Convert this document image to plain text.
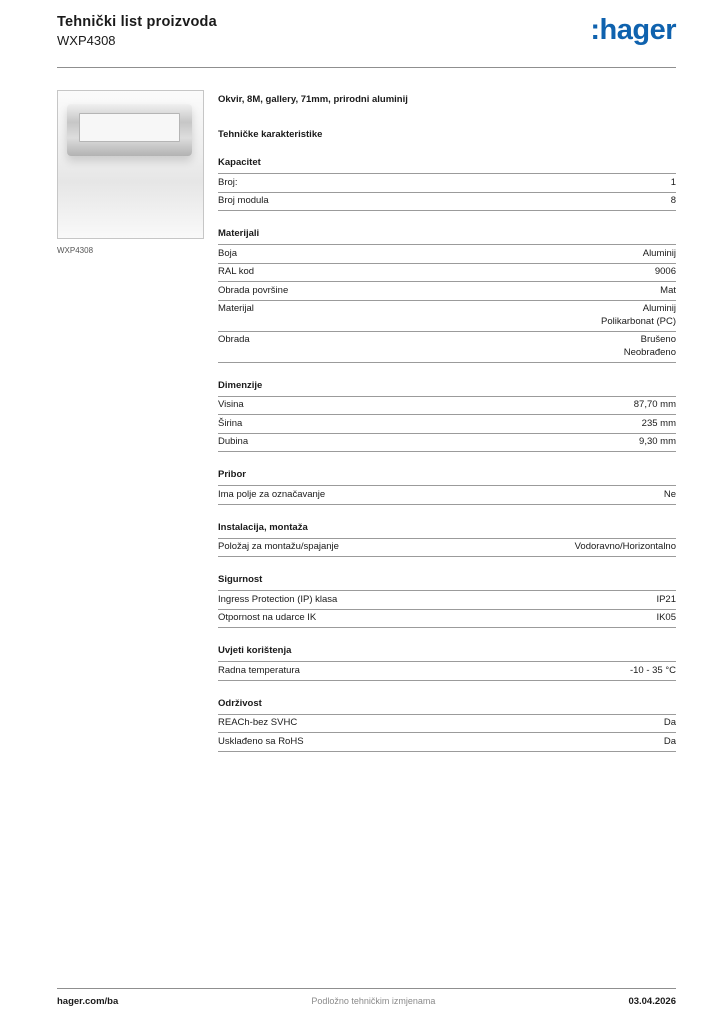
Tehnički list proizvoda
WXP4308	:hager
WXP4308
Okvir, 8M, gallery, 71mm, prirodni aluminij
Tehničke karakteristike
Kapacitet
Broj:	1
Broj modula	8
Materijali
Boja	Aluminij
RAL kod	9006
Obrada površine	Mat
Materijal	Aluminij
Polikarbonat (PC)
Obrada	Brušeno
Neobrađeno
Dimenzije
Visina	87,70 mm
Širina	235 mm
Dubina	9,30 mm
Pribor
Ima polje za označavanje	Ne
Instalacija, montaža
Položaj za montažu/spajanje	Vodoravno/Horizontalno
Sigurnost
Ingress Protection (IP) klasa	IP21
Otpornost na udarce IK	IK05
Uvjeti korištenja
Radna temperatura	-10 - 35 °C
Održivost
REACh-bez SVHC	Da
Usklađeno sa RoHS	Da
hager.com/ba	Podložno tehničkim izmjenama	03.04.2026
